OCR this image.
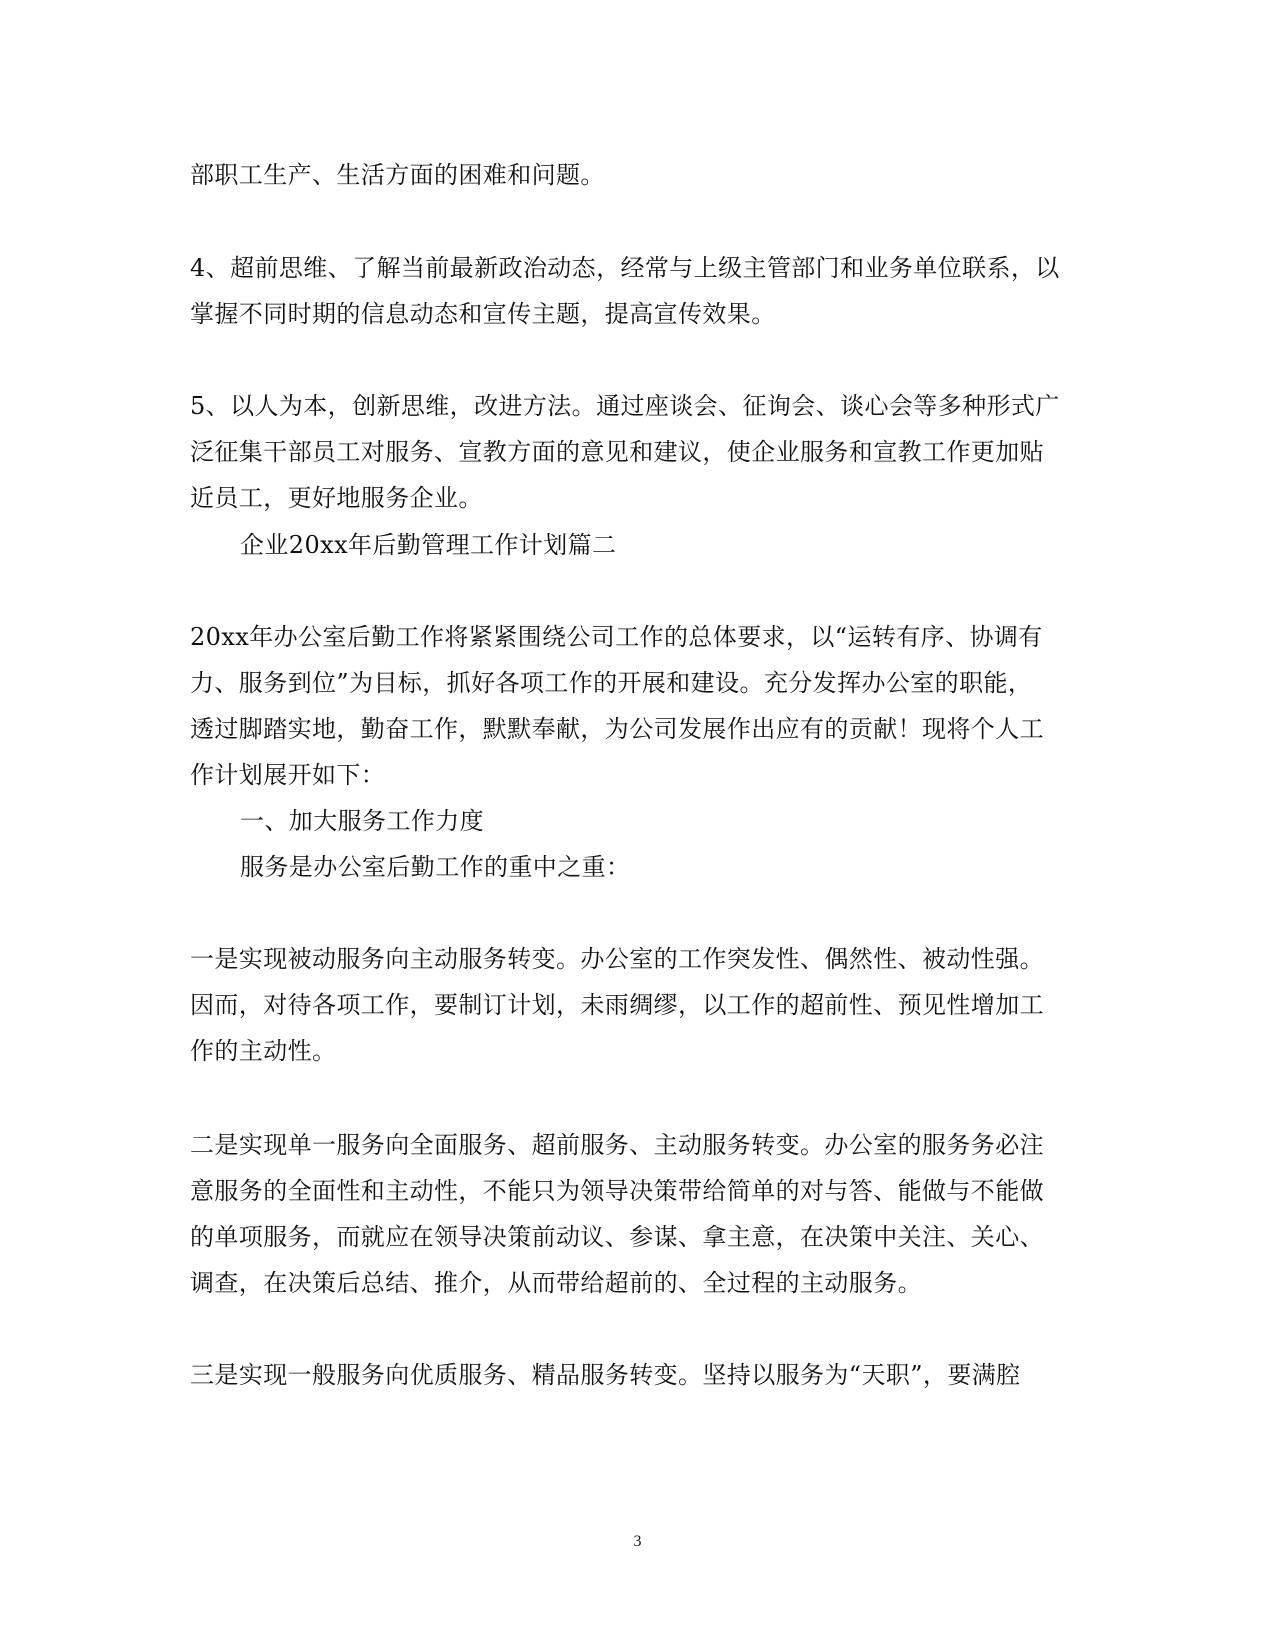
部职工生产、生活方面的困难和问题。
4、超前思维、了解当前最新政治动态，经常与上级主管部门和业务单位联系，以
掌握不同时期的信息动态和宣传主题，提高宣传效果。
5、以人为本，创新思维，改进方法。通过座谈会、征询会、谈心会等多种形式广
泛征集干部员工对服务、宣教方面的意见和建议，使企业服务和宣教工作更加贴
近员工，更好地服务企业。
企业20xx年后勤管理工作计划篇二
20xx年办公室后勤工作将紧紧围绕公司工作的总体要求，以“运转有序、协调有
力、服务到位”为目标，抓好各项工作的开展和建设。充分发挥办公室的职能，
透过脚踏实地，勤奋工作，默默奉献，为公司发展作出应有的贡献！现将个人工
作计划展开如下：
一、加大服务工作力度
服务是办公室后勤工作的重中之重：
一是实现被动服务向主动服务转变。办公室的工作突发性、偶然性、被动性强。
因而，对待各项工作，要制订计划，未雨绸缪，以工作的超前性、预见性增加工
作的主动性。
二是实现单一服务向全面服务、超前服务、主动服务转变。办公室的服务务必注
意服务的全面性和主动性，不能只为领导决策带给简单的对与答、能做与不能做
的单项服务，而就应在领导决策前动议、参谋、拿主意，在决策中关注、关心、
调查，在决策后总结、推介，从而带给超前的、全过程的主动服务。
三是实现一般服务向优质服务、精品服务转变。坚持以服务为“天职”，要满腔
3
